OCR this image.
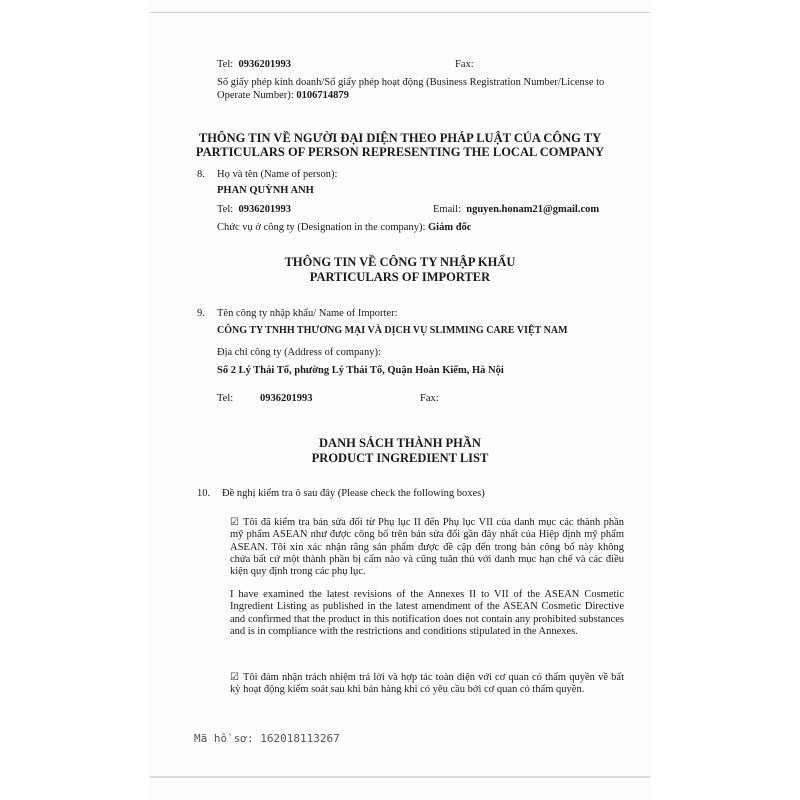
Tel: 0936201993	Fax:
Số giấy phép kinh doanh/Số giấy phép hoạt động (Business Registration Number/License to
Operate Number): 0106714879
THÔNG TIN VỀ NGƯỜI ĐẠI DIỆN THEO PHÁP LUẬT CỦA CÔNG TY
PARTICULARS OF PERSON REPRESENTING THE LOCAL COMPANY
8. Họ và tên (Name of person):
PHAN QUỲNH ANH
Tel: 0936201993	Email: nguyen.honam21@gmail.com
Chức vụ ở công ty (Designation in the company): Giám đốc
THÔNG TIN VỀ CÔNG TY NHẬP KHẨU
PARTICULARS OF IMPORTER
9. Tên công ty nhập khẩu/ Name of Importer:
CÔNG TY TNHH THƯƠNG MẠI VÀ DỊCH VỤ SLIMMING CARE VIỆT NAM
Địa chỉ công ty (Address of company):
Số 2 Lý Thái Tổ, phường Lý Thái Tổ, Quận Hoàn Kiếm, Hà Nội
Tel:	0936201993	Fax:
DANH SÁCH THÀNH PHẦN
PRODUCT INGREDIENT LIST
10. Đề nghị kiểm tra ô sau đây (Please check the following boxes)
☑ Tôi đã kiểm tra bản sửa đổi từ Phụ lục II đến Phụ lục VII của danh mục các thành phần mỹ phẩm ASEAN như được công bố trên bản sửa đổi gần đây nhất của Hiệp định mỹ phẩm ASEAN. Tôi xin xác nhận rằng sản phẩm được đề cập đến trong bản công bố này không chứa bất cứ một thành phần bị cấm nào và cũng tuân thủ với danh mục hạn chế và các điều kiện quy định trong các phụ lục.
I have examined the latest revisions of the Annexes II to VII of the ASEAN Cosmetic Ingredient Listing as published in the latest amendment of the ASEAN Cosmetic Directive and confirmed that the product in this notification does not contain any prohibited substances and is in compliance with the restrictions and conditions stipulated in the Annexes.
☑ Tôi đảm nhận trách nhiệm trả lời và hợp tác toàn diện với cơ quan có thẩm quyền về bất kỳ hoạt động kiểm soát sau khi bán hàng khi có yêu cầu bởi cơ quan có thẩm quyền.
Mã hồ sơ: 162018113267
